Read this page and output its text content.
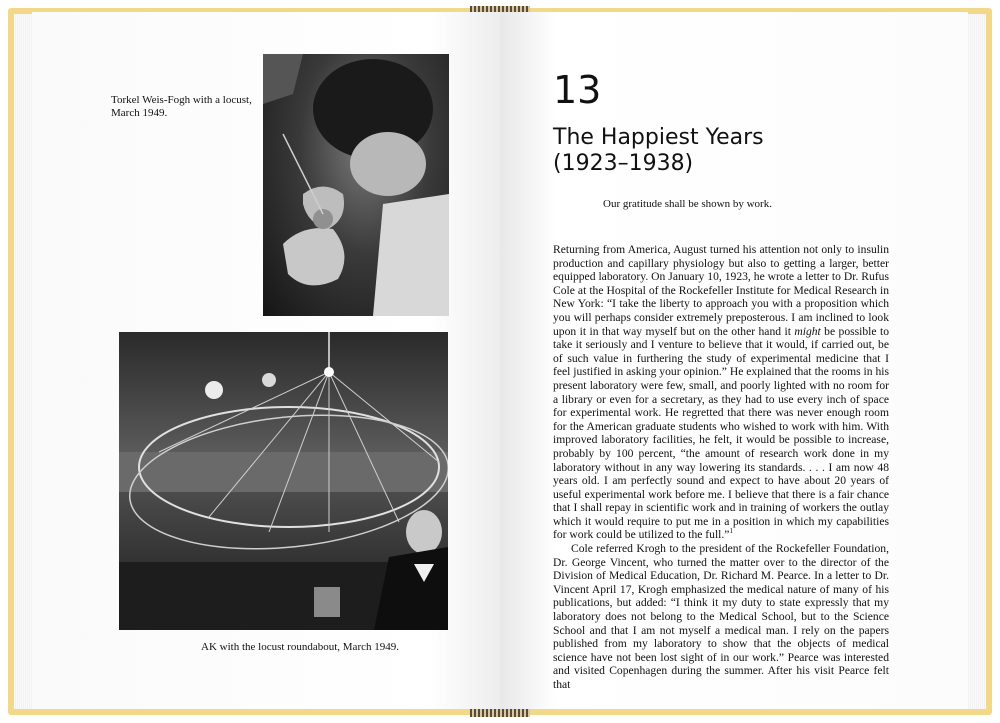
Torkel Weis-Fogh with a locust, March 1949.
AK with the locust roundabout, March 1949.
13
The Happiest Years
(1923–1938)
Our gratitude shall be shown by work.

Returning from America, August turned his attention not only to insulin production and capillary physiology but also to getting a larger, better equipped laboratory. On January 10, 1923, he wrote a letter to Dr. Rufus Cole at the Hospital of the Rockefeller Institute for Medical Research in New York: “I take the liberty to approach you with a proposition which you will perhaps consider extremely preposterous. I am inclined to look upon it in that way myself but on the other hand it might be possible to take it seriously and I venture to believe that it would, if carried out, be of such value in furthering the study of experimental medicine that I feel justified in asking your opinion.” He explained that the rooms in his present laboratory were few, small, and poorly lighted with no room for a library or even for a secretary, as they had to use every inch of space for experimental work. He regretted that there was never enough room for the American graduate students who wished to work with him. With improved laboratory facilities, he felt, it would be possible to increase, probably by 100 percent, “the amount of research work done in my laboratory without in any way lowering its standards. . . . I am now 48 years old. I am perfectly sound and expect to have about 20 years of useful experimental work before me. I believe that there is a fair chance that I shall repay in scientific work and in training of workers the outlay which it would require to put me in a position in which my capabilities for work could be utilized to the full.”$^1$

Cole referred Krogh to the president of the Rockefeller Foundation, Dr. George Vincent, who turned the matter over to the director of the Division of Medical Education, Dr. Richard M. Pearce. In a letter to Dr. Vincent April 17, Krogh emphasized the medical nature of many of his publications, but added: “I think it my duty to state expressly that my laboratory does not belong to the Medical School, but to the Science School and that I am not myself a medical man. I rely on the papers published from my laboratory to show that the objects of medical science have not been lost sight of in our work.” Pearce was interested and visited Copenhagen during the summer. After his visit Pearce felt that
